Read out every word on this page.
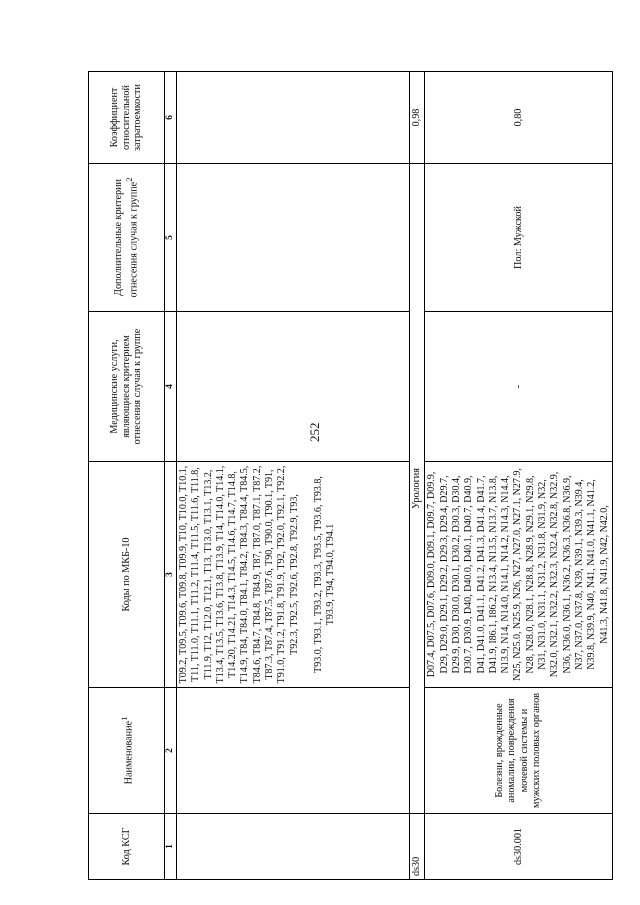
252
Код КСГ	Наименование$^1$	Коды по МКБ-10	Медицинские услуги, являющиеся критерием отнесения случая к группе	Дополнительные критерии отнесения случая к группе$^2$	Коэффициент относительной затратоемкости
1	2	3	4	5	6
		T09.2, T09.5, T09.6, T09.8, T09.9, T10, T10.0, T10.1, T11, T11.0, T11.1, T11.2, T11.4, T11.5, T11.6, T11.8, T11.9, T12, T12.0, T12.1, T13, T13.0, T13.1, T13.2, T13.4, T13.5, T13.6, T13.8, T13.9, T14, T14.0, T14.1, T14.20, T14.21, T14.3, T14.5, T14.6, T14.7, T14.8, T14.9, T84, T84.0, T84.1, T84.2, T84.3, T84.4, T84.5, T84.6, T84.7, T84.8, T84.9, T87, T87.0, T87.1, T87.2, T87.3, T87.4, T87.5, T87.6, T90, T90.0, T90.1, T91, T91.0, T91.2, T91.8, T91.9, T92, T92.0, T92.1, T92.2, T92.3, T92.5, T92.6, T92.8, T92.9, T93, T93.0, T93.1, T93.2, T93.3, T93.5, T93.6, T93.8, T93.9, T94, T94.0, T94.1			
ds30	Урология				0,98
ds30.001	Болезни, врожденные аномалии, повреждения мочевой системы и мужских половых органов	D07.4, D07.5, D07.6, D09.0, D09.1, D09.7, D09.9, D29, D29.0, D29.1, D29.2, D29.3, D29.4, D29.7, D29.9, D30, D30.0, D30.1, D30.2, D30.3, D30.4, D30.7, D30.9, D40, D40.0, D40.1, D40.7, D40.9, D41, D41.0, D41.1, D41.2, D41.3, D41.4, D41.7, D41.9, I86.1, I86.2, N13.4, N13.5, N13.7, N13.8, N13.9, N14, N14.0, N14.1, N14.2, N14.3, N14.4, N25, N25.0, N25.9, N26, N27, N27.0, N27.1, N27.9, N28, N28.0, N28.1, N28.8, N28.9, N29.1, N29.8, N31, N31.0, N31.1, N31.2, N31.8, N31.9, N32, N32.0, N32.1, N32.2, N32.3, N32.4, N32.8, N32.9, N36, N36.0, N36.1, N36.2, N36.3, N36.8, N36.9, N37, N37.0, N37.8, N39, N39.1, N39.3, N39.4, N39.8, N39.9, N40, N41, N41.0, N41.1, N41.2, N41.3, N41.8, N41.9, N42, N42.0,	-	Пол: Мужской	0,80
